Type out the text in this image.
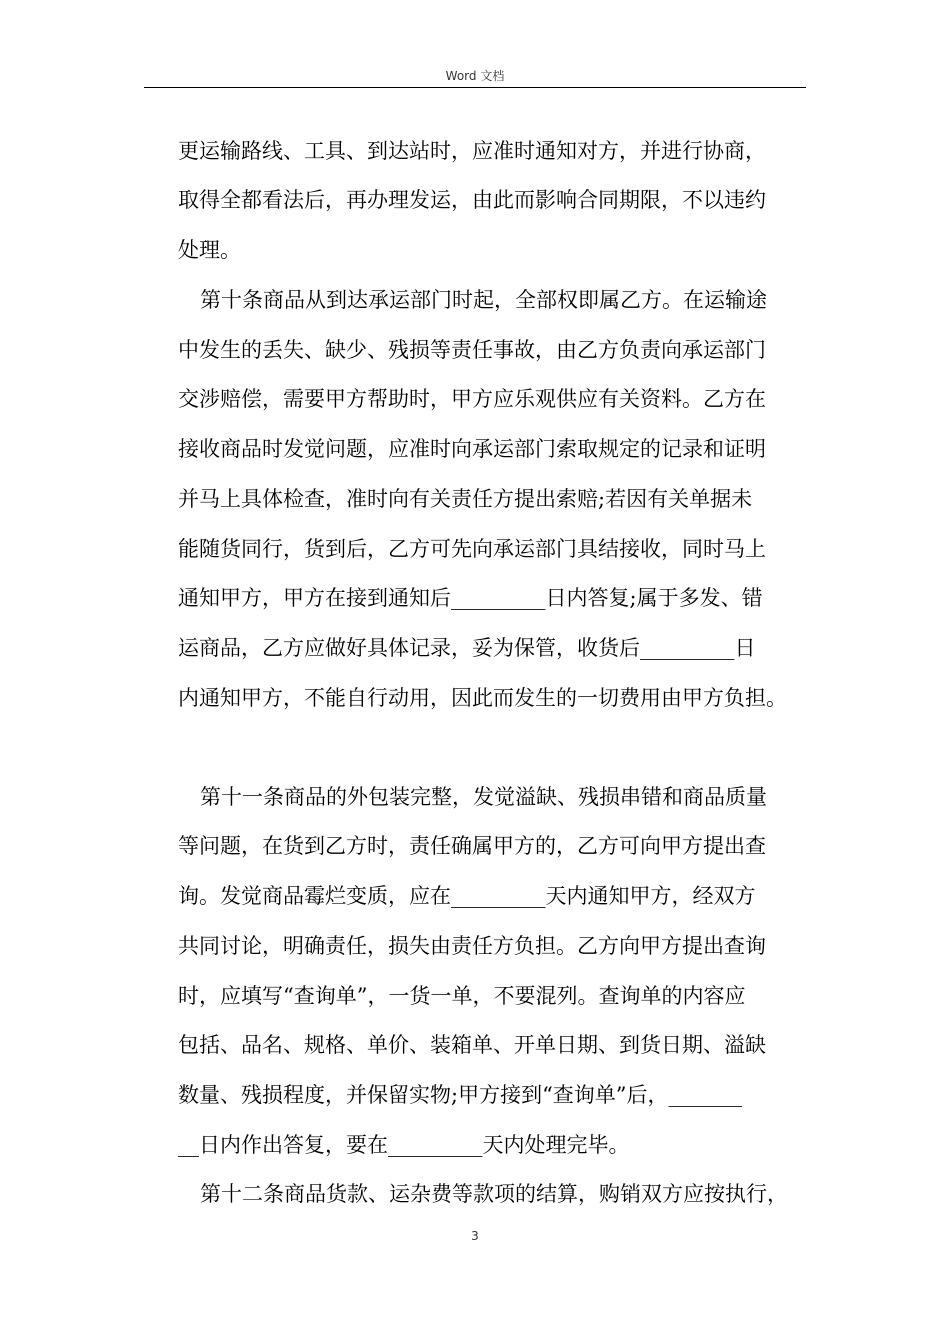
Word 文档
更运输路线、工具、到达站时，应准时通知对方，并进行协商，
取得全都看法后，再办理发运，由此而影响合同期限，不以违约
处理。
第十条商品从到达承运部门时起，全部权即属乙方。在运输途
中发生的丢失、缺少、残损等责任事故，由乙方负责向承运部门
交涉赔偿，需要甲方帮助时，甲方应乐观供应有关资料。乙方在
接收商品时发觉问题，应准时向承运部门索取规定的记录和证明
并马上具体检查，准时向有关责任方提出索赔;若因有关单据未
能随货同行，货到后，乙方可先向承运部门具结接收，同时马上
通知甲方，甲方在接到通知后_________日内答复;属于多发、错
运商品，乙方应做好具体记录，妥为保管，收货后_________日
内通知甲方，不能自行动用，因此而发生的一切费用由甲方负担。
第十一条商品的外包装完整，发觉溢缺、残损串错和商品质量
等问题，在货到乙方时，责任确属甲方的，乙方可向甲方提出查
询。发觉商品霉烂变质，应在_________天内通知甲方，经双方
共同讨论，明确责任，损失由责任方负担。乙方向甲方提出查询
时，应填写“查询单”，一货一单，不要混列。查询单的内容应
包括、品名、规格、单价、装箱单、开单日期、到货日期、溢缺
数量、残损程度，并保留实物;甲方接到“查询单”后，_______
__日内作出答复，要在_________天内处理完毕。
第十二条商品货款、运杂费等款项的结算，购销双方应按执行，
3
